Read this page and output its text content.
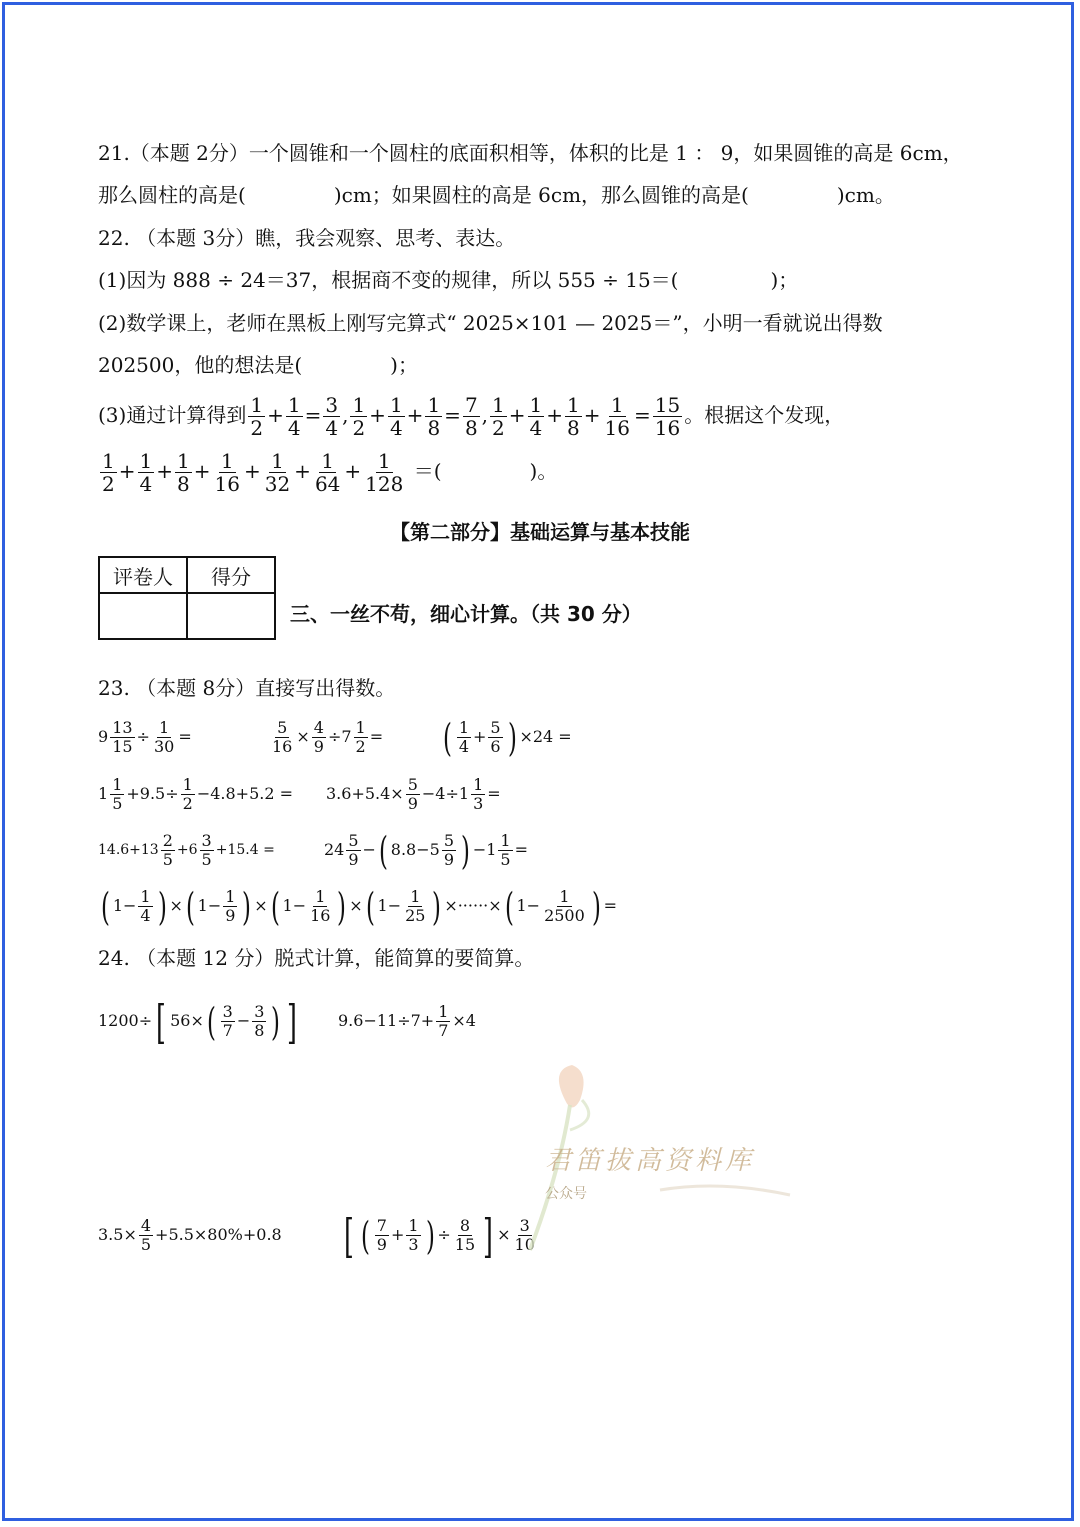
21.（本题 2分）一个圆锥和一个圆柱的底面积相等，体积的比是 1 ： 9，如果圆锥的高是 6cm，
那么圆柱的高是(	)cm；如果圆柱的高是 6cm，那么圆锥的高是(	)cm。
22. （本题 3分）瞧，我会观察、思考、表达。
(1)因为 888 ÷ 24＝37，根据商不变的规律，所以 555 ÷ 15＝(	)；
(2)数学课上，老师在黑板上刚写完算式“ 2025×101 — 2025＝”，小明一看就说出得数
202500，他的想法是(	)；
(3)通过计算得到 $\frac{1}{2} + \frac{1}{4} = \frac{3}{4}$ , $\frac{1}{2} + \frac{1}{4} + \frac{1}{8} = \frac{7}{8}$ , $\frac{1}{2} + \frac{1}{4} + \frac{1}{8} + \frac{1}{16} = \frac{15}{16}$ 。根据这个发现，
$\frac{1}{2} + \frac{1}{4} + \frac{1}{8} + \frac{1}{16} + \frac{1}{32} + \frac{1}{64} + \frac{1}{128}$ ＝(	)。
【第二部分】基础运算与基本技能
评卷人	得分

三、一丝不苟，细心计算。（共 30 分）
23. （本题 8分）直接写出得数。
$9 \frac{13}{15} \div \frac{1}{30}$ =	$\frac{5}{16} \times \frac{4}{9} \div 7 \frac{1}{2}$ = ( $\frac{1}{4} + \frac{5}{6}$ ) ×24 =
$1 \frac{1}{5} +9.5\div \frac{1}{2} -4.8+5.2 = 3.6+5.4\times \frac{5}{9} -4\div 1 \frac{1}{3}$ =
$14.6+13 \frac{2}{5} +6 \frac{3}{5} +15.4$ =	$24 \frac{5}{9}$ −( $8.8-5 \frac{5}{9}$ ) $-1 \frac{1}{5}$ =
( $1- \frac{1}{4}$ ) ×( $1- \frac{1}{9}$ ) ×( $1- \frac{1}{16}$ ) ×( $1- \frac{1}{25}$ ) ×······×( $1- \frac{1}{2500}$ ) =
24. （本题 12 分）脱式计算，能简算的要简算。
1200÷[ $56\times( \frac{3}{7} - \frac{3}{8}$ ) ]	$9.6-11\div 7+ \frac{1}{7} \times 4$
$3.5\times \frac{4}{5} +5.5\times 80\%+0.8$ [ ( $\frac{7}{9} + \frac{1}{3}$ ) ÷ $\frac{8}{15}$ ] × $\frac{3}{10}$
君笛拔高资料库
公众号
